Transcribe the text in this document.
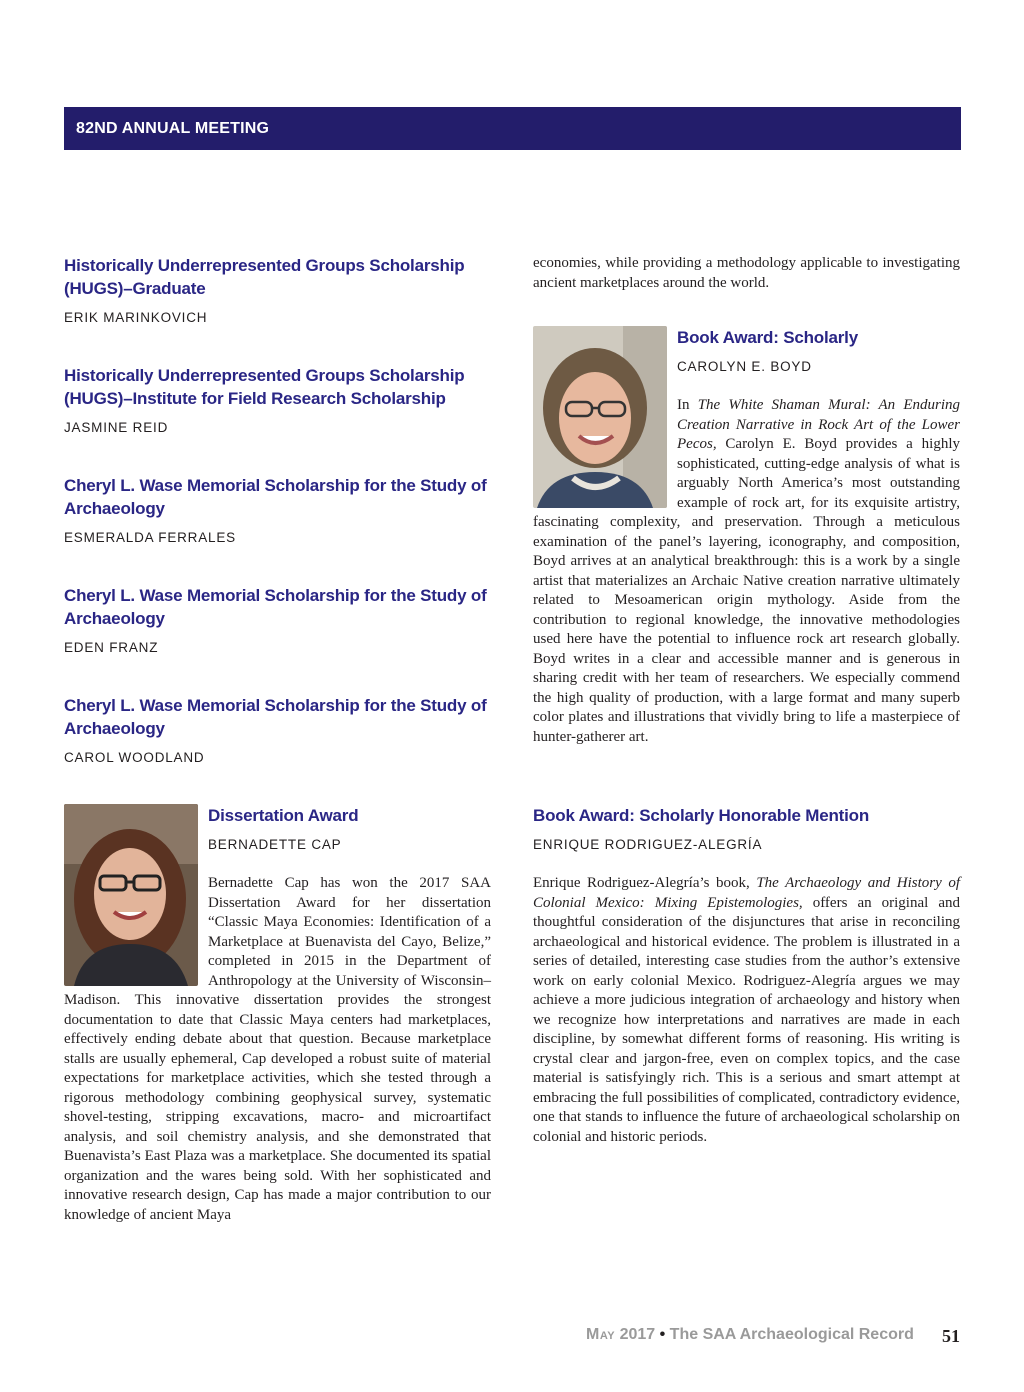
82ND ANNUAL MEETING
Historically Underrepresented Groups Scholarship (HUGS)–Graduate
ERIK MARINKOVICH
Historically Underrepresented Groups Scholarship (HUGS)–Institute for Field Research Scholarship
JASMINE REID
Cheryl L. Wase Memorial Scholarship for the Study of Archaeology
ESMERALDA FERRALES
Cheryl L. Wase Memorial Scholarship for the Study of Archaeology
EDEN FRANZ
Cheryl L. Wase Memorial Scholarship for the Study of Archaeology
CAROL WOODLAND
Dissertation Award
BERNADETTE CAP

Bernadette Cap has won the 2017 SAA Dissertation Award for her dissertation “Classic Maya Economies: Identification of a Marketplace at Buenavista del Cayo, Belize,” completed in 2015 in the Department of Anthropology at the University of Wisconsin–Madison. This innovative dissertation provides the strongest documentation to date that Classic Maya centers had marketplaces, effectively ending debate about that question. Because marketplace stalls are usually ephemeral, Cap developed a robust suite of material expectations for marketplace activities, which she tested through a rigorous methodology combining geophysical survey, systematic shovel-testing, stripping excavations, macro- and microartifact analysis, and soil chemistry analysis, and she demonstrated that Buenavista’s East Plaza was a marketplace. She documented its spatial organization and the wares being sold. With her sophisticated and innovative research design, Cap has made a major contribution to our knowledge of ancient Maya

economies, while providing a methodology applicable to investigating ancient marketplaces around the world.

Book Award: Scholarly
CAROLYN E. BOYD

In The White Shaman Mural: An Enduring Creation Narrative in Rock Art of the Lower Pecos, Carolyn E. Boyd provides a highly sophisticated, cutting-edge analysis of what is arguably North America’s most outstanding example of rock art, for its exquisite artistry, fascinating complexity, and preservation. Through a meticulous examination of the panel’s layering, iconography, and composition, Boyd arrives at an analytical breakthrough: this is a work by a single artist that materializes an Archaic Native creation narrative ultimately related to Mesoamerican origin mythology. Aside from the contribution to regional knowledge, the innovative methodologies used here have the potential to influence rock art research globally. Boyd writes in a clear and accessible manner and is generous in sharing credit with her team of researchers. We especially commend the high quality of production, with a large format and many superb color plates and illustrations that vividly bring to life a masterpiece of hunter-gatherer art.

Book Award: Scholarly Honorable Mention
ENRIQUE RODRIGUEZ-ALEGRÍA

Enrique Rodriguez-Alegría’s book, The Archaeology and History of Colonial Mexico: Mixing Epistemologies, offers an original and thoughtful consideration of the disjunctures that arise in reconciling archaeological and historical evidence. The problem is illustrated in a series of detailed, interesting case studies from the author’s extensive work on early colonial Mexico. Rodriguez-Alegría argues we may achieve a more judicious integration of archaeology and history when we recognize how interpretations and narratives are made in each discipline, by somewhat different forms of reasoning. His writing is crystal clear and jargon-free, even on complex topics, and the case material is satisfyingly rich. This is a serious and smart attempt at embracing the full possibilities of complicated, contradictory evidence, one that stands to influence the future of archaeological scholarship on colonial and historic periods.

May 2017 • The SAA Archaeological Record 51
